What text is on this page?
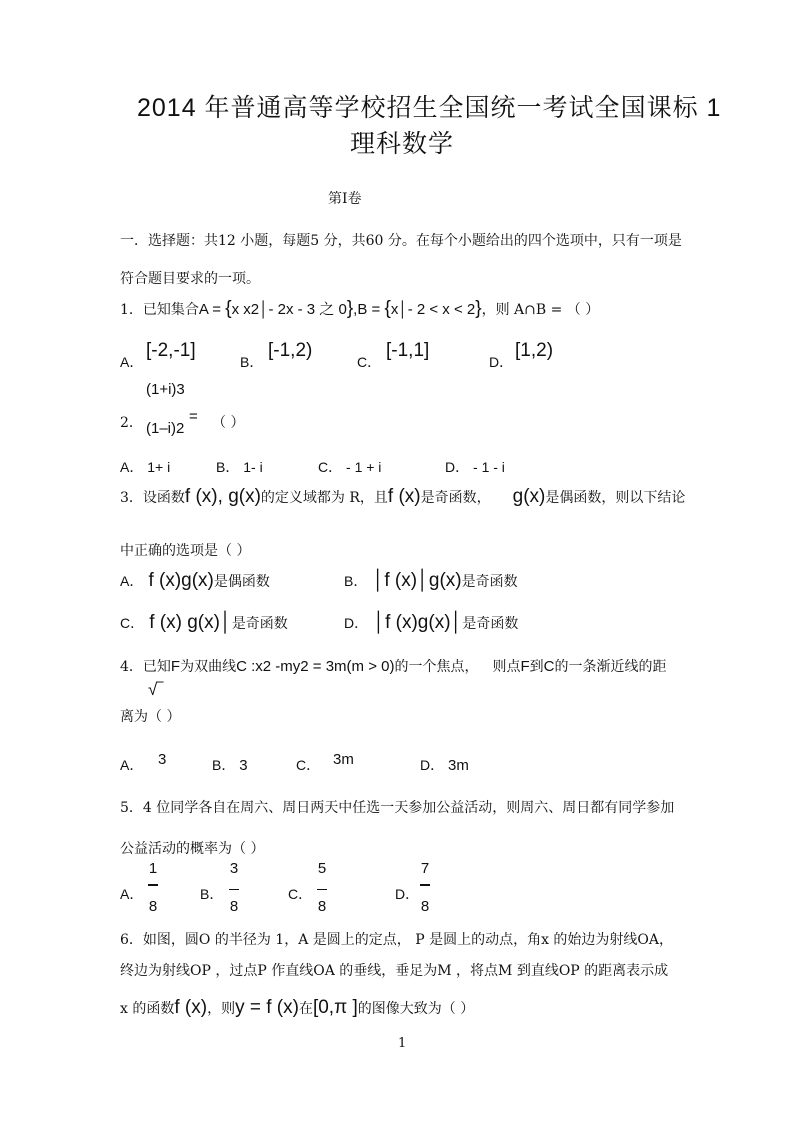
2014 年普通高等学校招生全国统一考试全国课标 1
理科数学
第Ⅰ卷
一．选择题：共12 小题，每题5 分，共60 分。在每个小题给出的四个选项中，只有一项是
符合题目要求的一项。
1．已知集合A = {x x2│- 2x - 3 之 0},B = {x│- 2 < x < 2}，则 A∩B = （ ）
A．
[-2,-1]
B．
[-1,2)
C．
[-1,1]
D．
[1,2)
(1+i)3
2．	= （ ）
(1–i)2
A． 1+ i	B． 1- i	C． - 1 + i	D． - 1 - i
3．设函数f (x), g(x)的定义域都为 R，且f (x)是奇函数， g(x)是偶函数，则以下结论
中正确的选项是（ ）
A． f (x)g(x)是偶函数	B． │f (x)│g(x)是奇函数
C． f (x) g(x)│是奇函数	D． │f (x)g(x)│是奇函数
4．已知F为双曲线C :x2 -my2 = 3m(m > 0)的一个焦点， 则点F到C的一条渐近线的距
√‾
离为（ ）
A． 3	B． 3	C． 3m	D． 3m
5．4 位同学各自在周六、周日两天中任选一天参加公益活动，则周六、周日都有同学参加
公益活动的概率为（ ）
A．
1
8
B．
3
8
C．
5
8
D．
7
8
6．如图，圆O 的半径为 1，A 是圆上的定点， P 是圆上的动点，角x 的始边为射线OA，
终边为射线OP ，过点P 作直线OA 的垂线，垂足为M ，将点M 到直线OP 的距离表示成
x 的函数f (x)，则y = f (x)在[0,π ]的图像大致为（ ）
1
